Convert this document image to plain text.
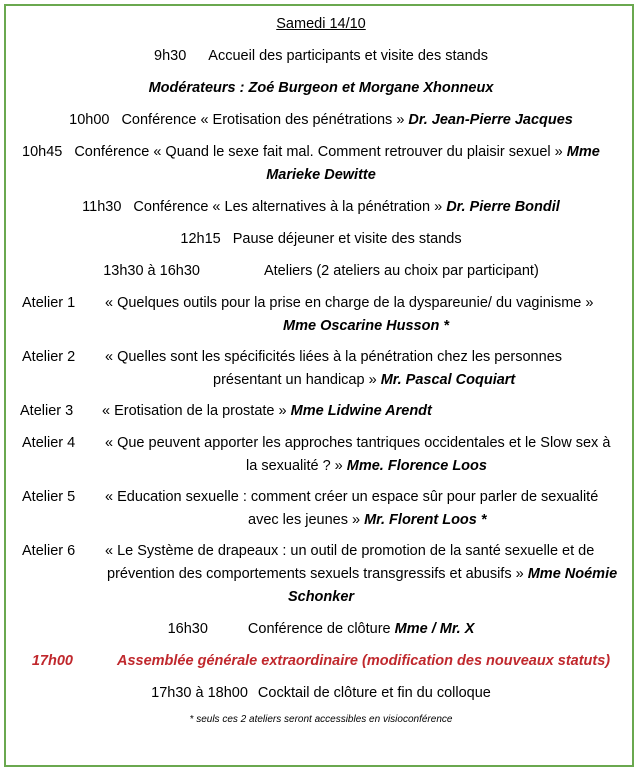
Samedi 14/10
9h30 Accueil des participants et visite des stands
Modérateurs : Zoé Burgeon et Morgane Xhonneux
10h00 Conférence « Erotisation des pénétrations » Dr. Jean-Pierre Jacques
10h45 Conférence « Quand le sexe fait mal. Comment retrouver du plaisir sexuel » Mme
Marieke Dewitte
11h30 Conférence « Les alternatives à la pénétration » Dr. Pierre Bondil
12h15 Pause déjeuner et visite des stands
13h30 à 16h30	Ateliers (2 ateliers au choix par participant)
Atelier 1 « Quelques outils pour la prise en charge de la dyspareunie/ du vaginisme »
Mme Oscarine Husson *
Atelier 2 « Quelles sont les spécificités liées à la pénétration chez les personnes
présentant un handicap » Mr. Pascal Coquiart
Atelier 3 « Erotisation de la prostate » Mme Lidwine Arendt
Atelier 4 « Que peuvent apporter les approches tantriques occidentales et le Slow sex à
la sexualité ? » Mme. Florence Loos
Atelier 5 « Education sexuelle : comment créer un espace sûr pour parler de sexualité
avec les jeunes » Mr. Florent Loos *
Atelier 6 « Le Système de drapeaux : un outil de promotion de la santé sexuelle et de
prévention des comportements sexuels transgressifs et abusifs » Mme Noémie
Schonker
16h30	Conférence de clôture Mme / Mr. X
17h00	Assemblée générale extraordinaire (modification des nouveaux statuts)
17h30 à 18h00 Cocktail de clôture et fin du colloque
* seuls ces 2 ateliers seront accessibles en visioconférence
